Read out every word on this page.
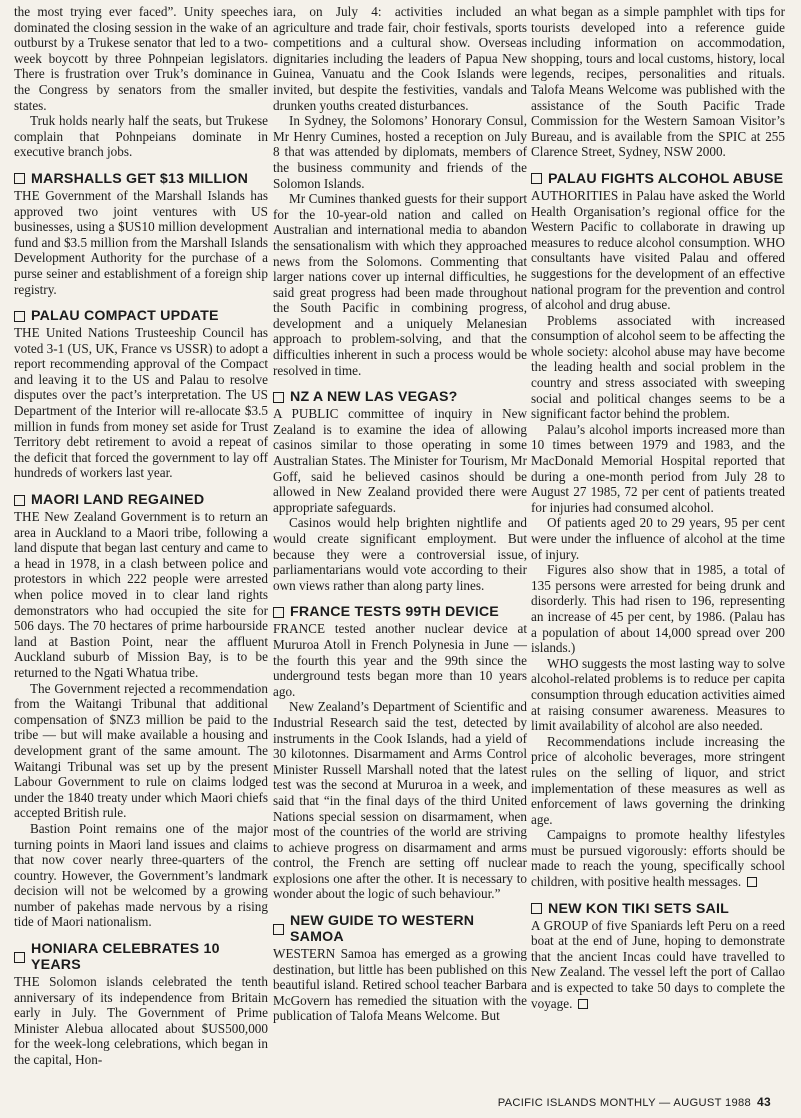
the most trying ever faced”. Unity speeches dominated the closing session in the wake of an outburst by a Trukese senator that led to a two-week boycott by three Pohnpeian legislators. There is frustration over Truk’s dominance in the Congress by senators from the smaller states.

Truk holds nearly half the seats, but Trukese complain that Pohnpeians dominate in executive branch jobs.

MARSHALLS GET $13 MILLION

THE Government of the Marshall Islands has approved two joint ventures with US businesses, using a $US10 million development fund and $3.5 million from the Marshall Islands Development Authority for the purchase of a purse seiner and establishment of a foreign ship registry.

PALAU COMPACT UPDATE

THE United Nations Trusteeship Council has voted 3-1 (US, UK, France vs USSR) to adopt a report recommending approval of the Compact and leaving it to the US and Palau to resolve disputes over the pact’s interpretation. The US Department of the Interior will re-allocate $3.5 million in funds from money set aside for Trust Territory debt retirement to avoid a repeat of the deficit that forced the government to lay off hundreds of workers last year.

MAORI LAND REGAINED

THE New Zealand Government is to return an area in Auckland to a Maori tribe, following a land dispute that began last century and came to a head in 1978, in a clash between police and protestors in which 222 people were arrested when police moved in to clear land rights demonstrators who had occupied the site for 506 days. The 70 hectares of prime harbourside land at Bastion Point, near the affluent Auckland suburb of Mission Bay, is to be returned to the Ngati Whatua tribe.

The Government rejected a recommendation from the Waitangi Tribunal that additional compensation of $NZ3 million be paid to the tribe — but will make available a housing and development grant of the same amount. The Waitangi Tribunal was set up by the present Labour Government to rule on claims lodged under the 1840 treaty under which Maori chiefs accepted British rule.

Bastion Point remains one of the major turning points in Maori land issues and claims that now cover nearly three-quarters of the country. However, the Government’s landmark decision will not be welcomed by a growing number of pakehas made nervous by a rising tide of Maori nationalism.

HONIARA CELEBRATES 10 YEARS

THE Solomon islands celebrated the tenth anniversary of its independence from Britain early in July. The Government of Prime Minister Alebua allocated about $US500,000 for the week-long celebrations, which began in the capital, Hon-

iara, on July 4: activities included an agriculture and trade fair, choir festivals, sports competitions and a cultural show. Overseas dignitaries including the leaders of Papua New Guinea, Vanuatu and the Cook Islands were invited, but despite the festivities, vandals and drunken youths created disturbances.

In Sydney, the Solomons’ Honorary Consul, Mr Henry Cumines, hosted a reception on July 8 that was attended by diplomats, members of the business community and friends of the Solomon Islands.

Mr Cumines thanked guests for their support for the 10-year-old nation and called on Australian and international media to abandon the sensationalism with which they approached news from the Solomons. Commenting that larger nations cover up internal difficulties, he said great progress had been made throughout the South Pacific in combining progress, development and a uniquely Melanesian approach to problem-solving, and that the difficulties inherent in such a process would be resolved in time.

NZ A NEW LAS VEGAS?

A PUBLIC committee of inquiry in New Zealand is to examine the idea of allowing casinos similar to those operating in some Australian States. The Minister for Tourism, Mr Goff, said he believed casinos should be allowed in New Zealand provided there were appropriate safeguards.

Casinos would help brighten nightlife and would create significant employment. But because they were a controversial issue, parliamentarians would vote according to their own views rather than along party lines.

FRANCE TESTS 99TH DEVICE

FRANCE tested another nuclear device at Mururoa Atoll in French Polynesia in June — the fourth this year and the 99th since the underground tests began more than 10 years ago.

New Zealand’s Department of Scientific and Industrial Research said the test, detected by instruments in the Cook Islands, had a yield of 30 kilotonnes. Disarmament and Arms Control Minister Russell Marshall noted that the latest test was the second at Mururoa in a week, and said that “in the final days of the third United Nations special session on disarmament, when most of the countries of the world are striving to achieve progress on disarmament and arms control, the French are setting off nuclear explosions one after the other. It is necessary to wonder about the logic of such behaviour.”

NEW GUIDE TO WESTERN SAMOA

WESTERN Samoa has emerged as a growing destination, but little has been published on this beautiful island. Retired school teacher Barbara McGovern has remedied the situation with the publication of Talofa Means Welcome. But

what began as a simple pamphlet with tips for tourists developed into a reference guide including information on accommodation, shopping, tours and local customs, history, local legends, recipes, personalities and rituals. Talofa Means Welcome was published with the assistance of the South Pacific Trade Commission for the Western Samoan Visitor’s Bureau, and is available from the SPIC at 255 Clarence Street, Sydney, NSW 2000.

PALAU FIGHTS ALCOHOL ABUSE

AUTHORITIES in Palau have asked the World Health Organisation’s regional office for the Western Pacific to collaborate in drawing up measures to reduce alcohol consumption. WHO consultants have visited Palau and offered suggestions for the development of an effective national program for the prevention and control of alcohol and drug abuse.

Problems associated with increased consumption of alcohol seem to be affecting the whole society: alcohol abuse may have become the leading health and social problem in the country and stress associated with sweeping social and political changes seems to be a significant factor behind the problem.

Palau’s alcohol imports increased more than 10 times between 1979 and 1983, and the MacDonald Memorial Hospital reported that during a one-month period from July 28 to August 27 1985, 72 per cent of patients treated for injuries had consumed alcohol.

Of patients aged 20 to 29 years, 95 per cent were under the influence of alcohol at the time of injury.

Figures also show that in 1985, a total of 135 persons were arrested for being drunk and disorderly. This had risen to 196, representing an increase of 45 per cent, by 1986. (Palau has a population of about 14,000 spread over 200 islands.)

WHO suggests the most lasting way to solve alcohol-related problems is to reduce per capita consumption through education activities aimed at raising consumer awareness. Measures to limit availability of alcohol are also needed.

Recommendations include increasing the price of alcoholic beverages, more stringent rules on the selling of liquor, and strict implementation of these measures as well as enforcement of laws governing the drinking age.

Campaigns to promote healthy lifestyles must be pursued vigorously: efforts should be made to reach the young, specifically school children, with positive health messages.

NEW KON TIKI SETS SAIL

A GROUP of five Spaniards left Peru on a reed boat at the end of June, hoping to demonstrate that the ancient Incas could have travelled to New Zealand. The vessel left the port of Callao and is expected to take 50 days to complete the voyage.

PACIFIC ISLANDS MONTHLY — AUGUST 1988 43
